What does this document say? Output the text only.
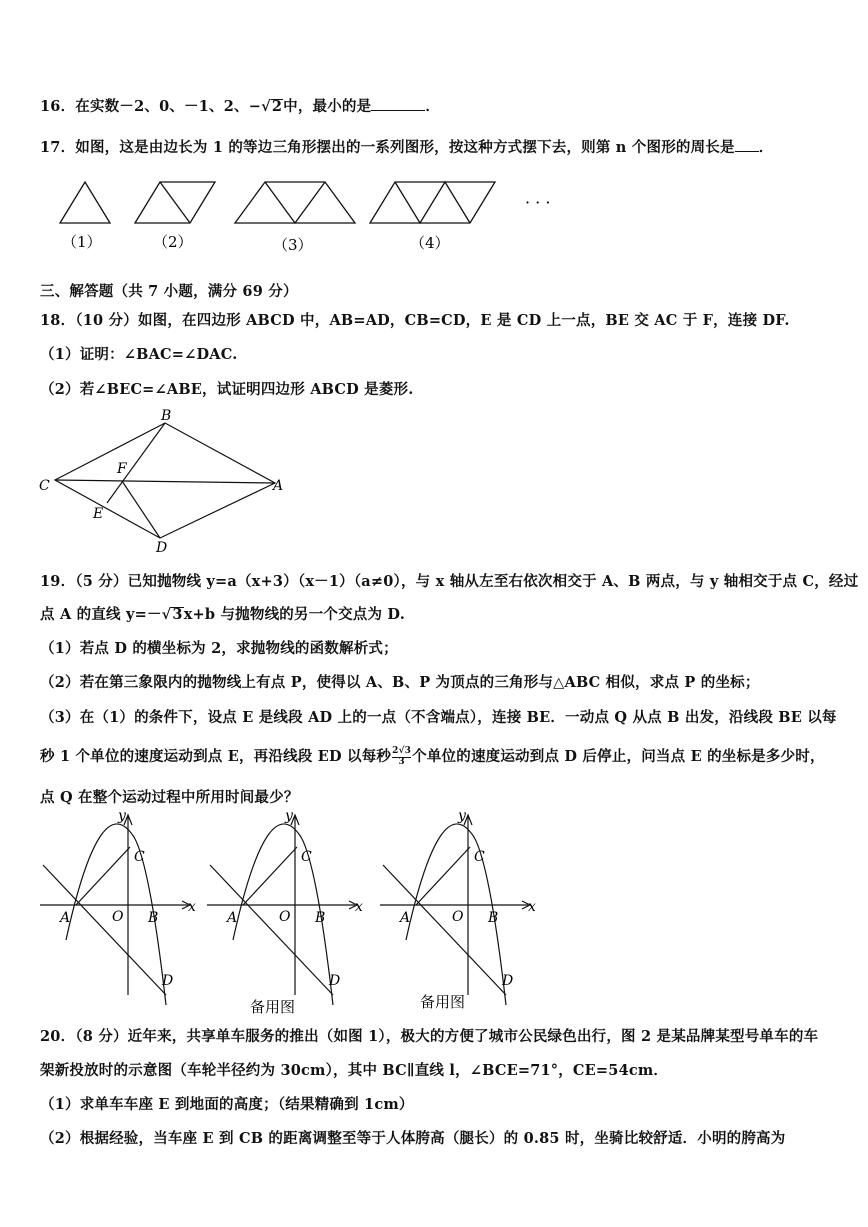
16．在实数－2、0、－1、2、−√2中，最小的是	．
17．如图，这是由边长为 1 的等边三角形摆出的一系列图形，按这种方式摆下去，则第 n 个图形的周长是 ．
（1）	（2）	（3）	（4）
· · ·
三、解答题（共 7 小题，满分 69 分）
18．（10 分）如图，在四边形 ABCD 中，AB=AD，CB=CD，E 是 CD 上一点，BE 交 AC 于 F，连接 DF.
（1）证明：∠BAC=∠DAC.
（2）若∠BEC=∠ABE，试证明四边形 ABCD 是菱形.
B
C	A
F
E
D
19．（5 分）已知抛物线 y=a（x+3）（x－1）（a≠0），与 x 轴从左至右依次相交于 A、B 两点，与 y 轴相交于点 C，经过
点 A 的直线 y=－√3x+b 与抛物线的另一个交点为 D.
（1）若点 D 的横坐标为 2，求抛物线的函数解析式；
（2）若在第三象限内的抛物线上有点 P，使得以 A、B、P 为顶点的三角形与△ABC 相似，求点 P 的坐标；
（3）在（1）的条件下，设点 E 是线段 AD 上的一点（不含端点），连接 BE．一动点 Q 从点 B 出发，沿线段 BE 以每
秒 1 个单位的速度运动到点 E，再沿线段 ED 以每秒 $\frac{2√3}{3}$ 个单位的速度运动到点 D 后停止，问当点 E 的坐标是多少时，
点 Q 在整个运动过程中所用时间最少？
y
x
C
A	O B
D
y
x
C
A	O B
D
备用图
y
x
C
A	O B
D
备用图
20．（8 分）近年来，共享单车服务的推出（如图 1），极大的方便了城市公民绿色出行，图 2 是某品牌某型号单车的车
架新投放时的示意图（车轮半径约为 30cm），其中 BC∥直线 l，∠BCE=71°，CE=54cm．
（1）求单车车座 E 到地面的高度；（结果精确到 1cm）
（2）根据经验，当车座 E 到 CB 的距离调整至等于人体胯高（腿长）的 0.85 时，坐骑比较舒适．小明的胯高为
